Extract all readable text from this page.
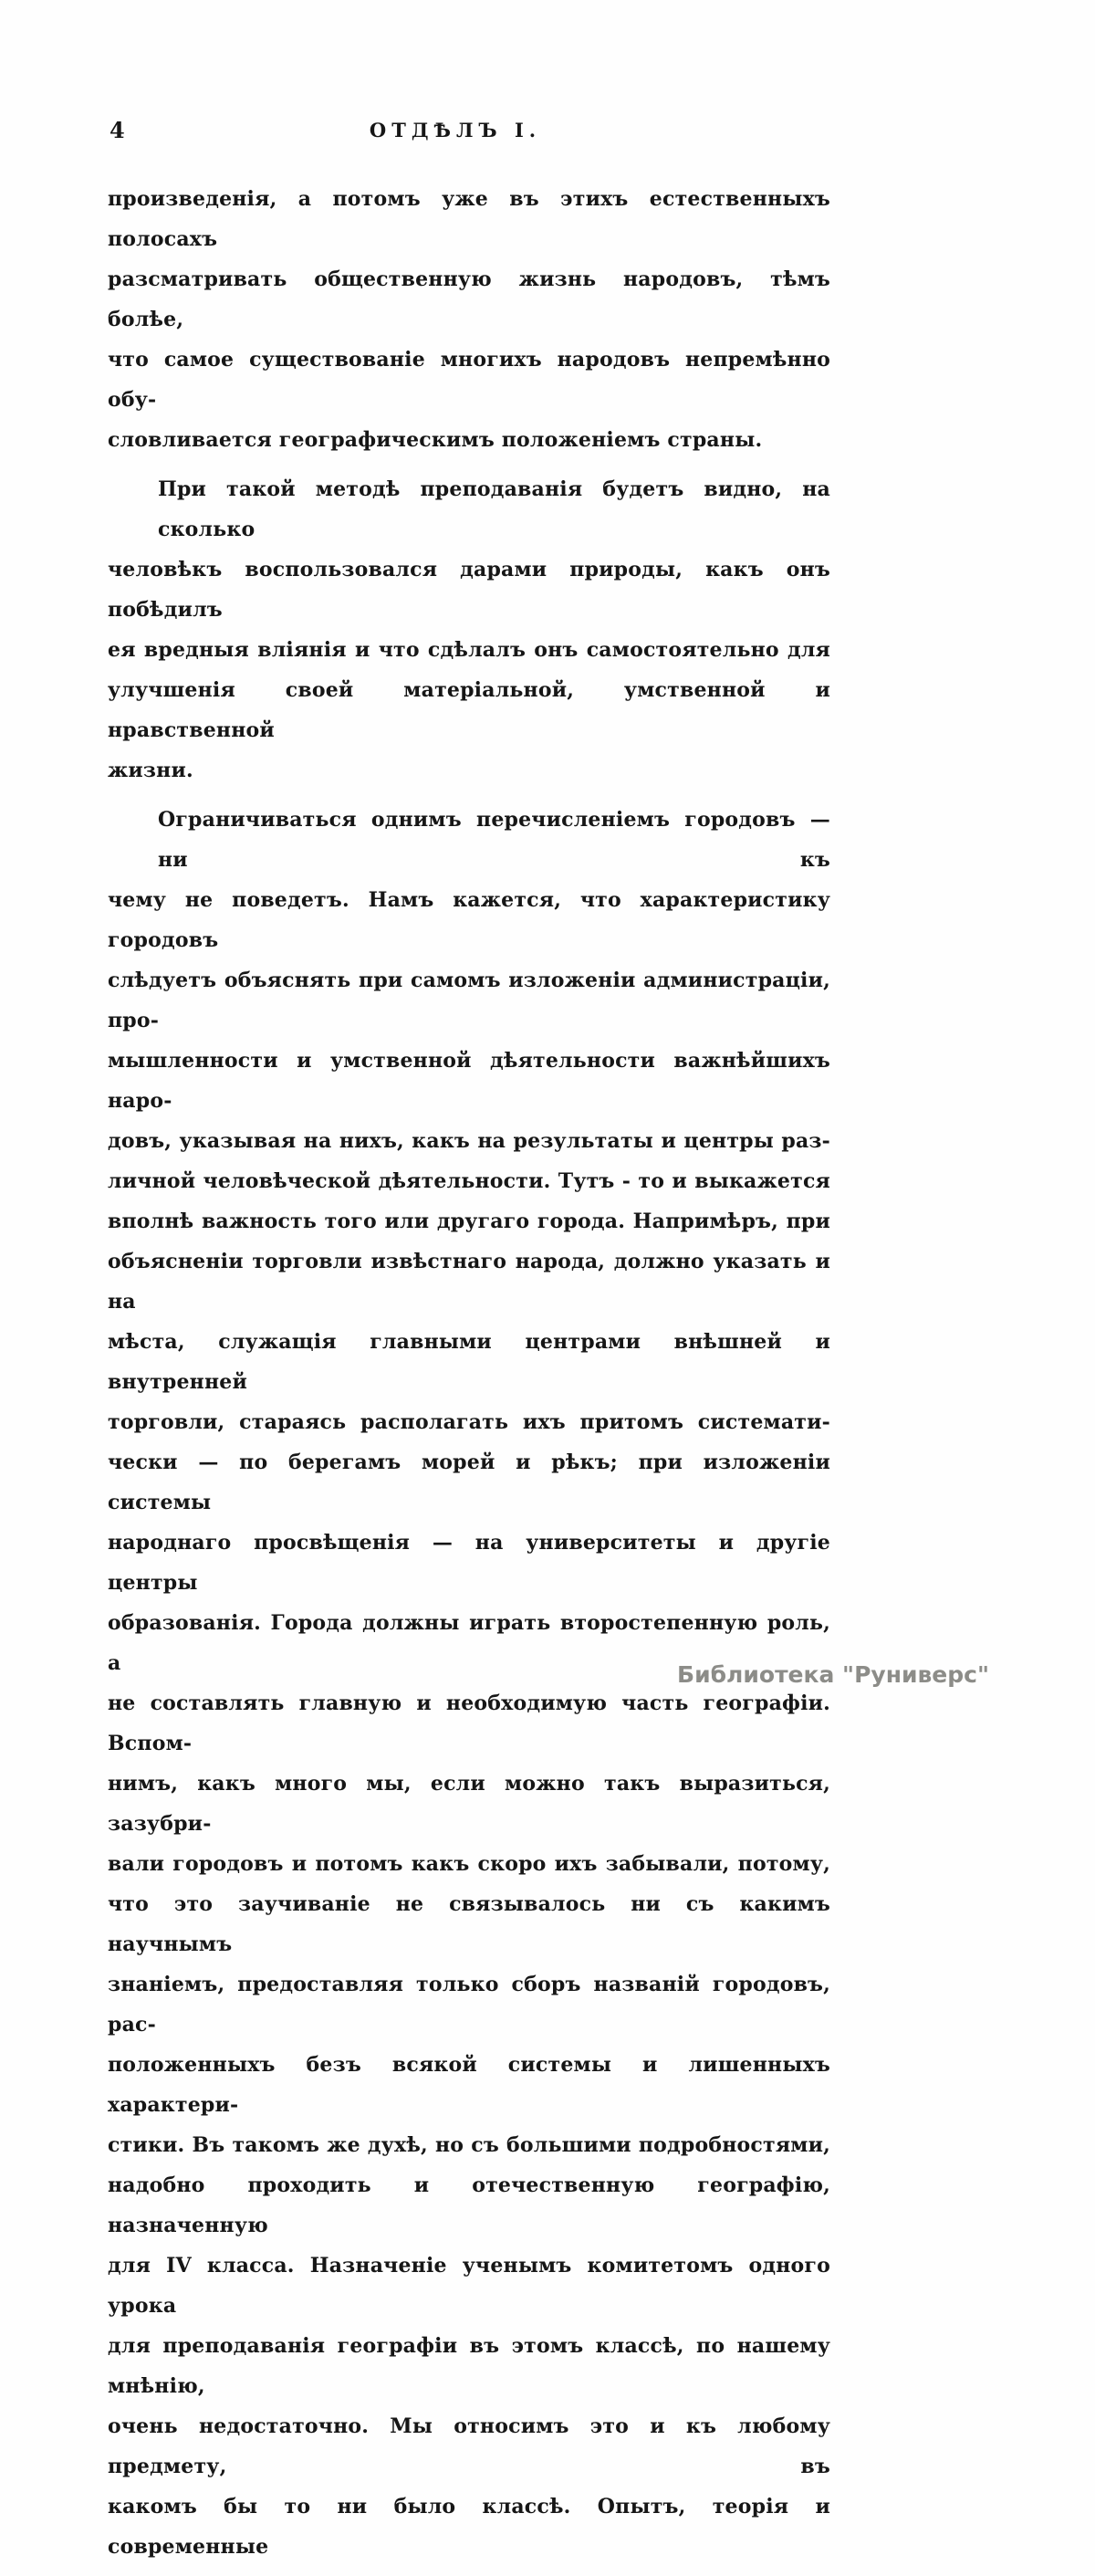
4	ОТДѢЛЪ I.
произведенія, а потомъ уже въ этихъ естественныхъ полосахъ
разсматривать общественную жизнь народовъ, тѣмъ болѣе,
что самое существованіе многихъ народовъ непремѣнно обу-
словливается географическимъ положеніемъ страны.
При такой методѣ преподаванія будетъ видно, на сколько
человѣкъ воспользовался дарами природы, какъ онъ побѣдилъ
ея вредныя вліянія и что сдѣлалъ онъ самостоятельно для
улучшенія своей матеріальной, умственной и нравственной
жизни.
Ограничиваться однимъ перечисленіемъ городовъ — ни къ
чему не поведетъ. Намъ кажется, что характеристику городовъ
слѣдуетъ объяснять при самомъ изложеніи администраціи, про-
мышленности и умственной дѣятельности важнѣйшихъ наро-
довъ, указывая на нихъ, какъ на результаты и центры раз-
личной человѣческой дѣятельности. Тутъ - то и выкажется
вполнѣ важность того или другаго города. Напримѣръ, при
объясненіи торговли извѣстнаго народа, должно указать и на
мѣста, служащія главными центрами внѣшней и внутренней
торговли, стараясь располагать ихъ притомъ системати-
чески — по берегамъ морей и рѣкъ; при изложеніи системы
народнаго просвѣщенія — на университеты и другіе центры
образованія. Города должны играть второстепенную роль, а
не составлять главную и необходимую часть географіи. Вспом-
нимъ, какъ много мы, если можно такъ выразиться, зазубри-
вали городовъ и потомъ какъ скоро ихъ забывали, потому,
что это заучиваніе не связывалось ни съ какимъ научнымъ
знаніемъ, предоставляя только сборъ названій городовъ, рас-
положенныхъ безъ всякой системы и лишенныхъ характери-
стики. Въ такомъ же духѣ, но съ большими подробностями,
надобно проходить и отечественную географію, назначенную
для IV класса. Назначеніе ученымъ комитетомъ одного урока
для преподаванія географіи въ этомъ классѣ, по нашему мнѣнію,
очень недостаточно. Мы относимъ это и къ любому предмету, въ
какомъ бы то ни было классѣ. Опытъ, теорія и современные
Библиотека "Руниверс"
